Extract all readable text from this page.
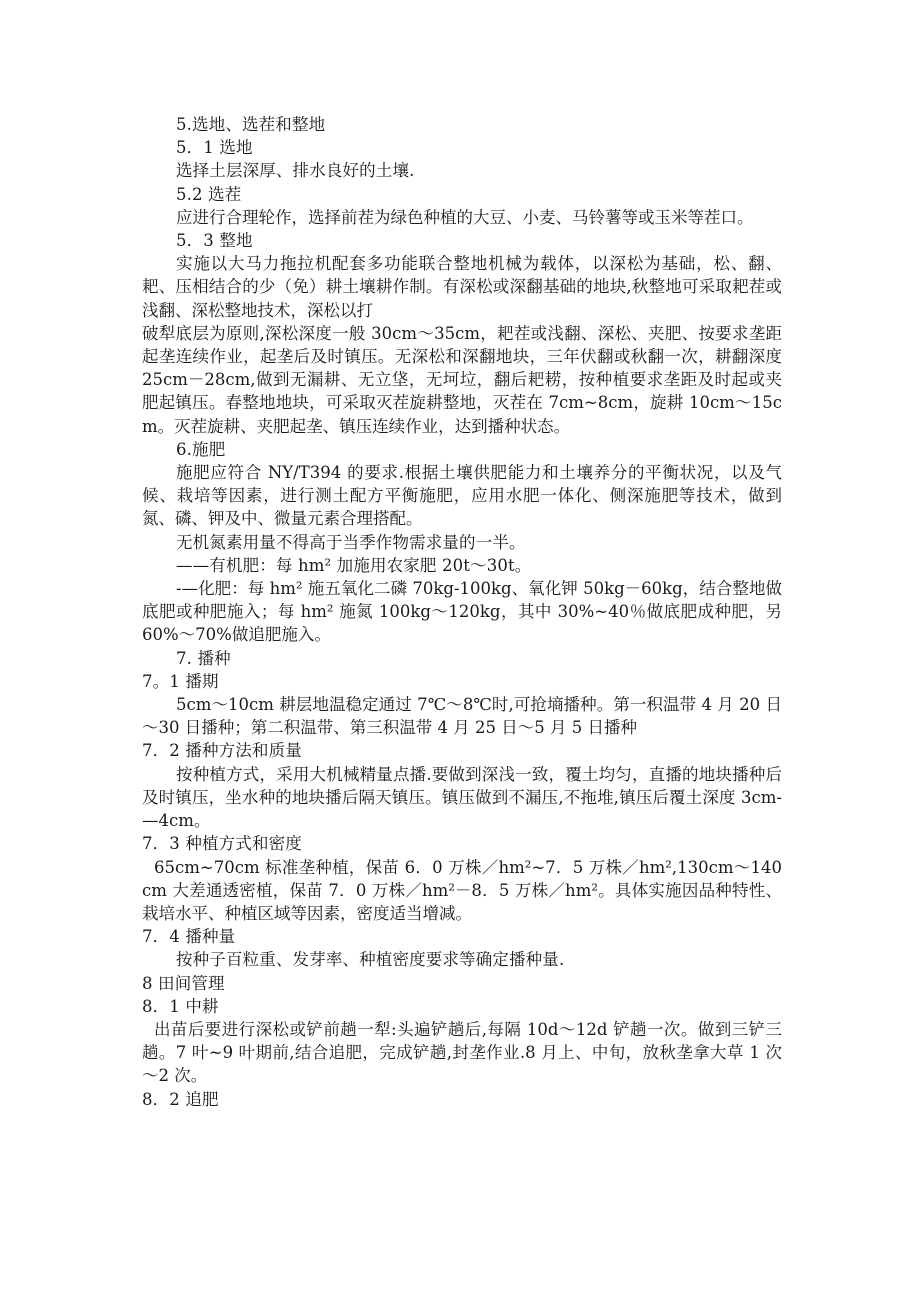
5.选地、选茬和整地
5．1 选地
选择土层深厚、排水良好的土壤.
5.2 选茬

应进行合理轮作，选择前茬为绿色种植的大豆、小麦、马铃薯等或玉米等茬口。

5．3 整地

实施以大马力拖拉机配套多功能联合整地机械为载体，以深松为基础，松、翻、耙、压相结合的少（免）耕土壤耕作制。有深松或深翻基础的地块,秋整地可采取耙茬或浅翻、深松整地技术，深松以打

破犁底层为原则,深松深度一般 30cm～35cm，耙茬或浅翻、深松、夹肥、按要求垄距起垄连续作业，起垄后及时镇压。无深松和深翻地块，三年伏翻或秋翻一次，耕翻深度 25cm－28cm,做到无漏耕、无立垡，无坷垃，翻后耙耢，按种植要求垄距及时起或夹肥起镇压。春整地地块，可采取灭茬旋耕整地，灭茬在 7cm~8cm，旋耕 10cm～15cm。灭茬旋耕、夹肥起垄、镇压连续作业，达到播种状态。

6.施肥

施肥应符合 NY/T394 的要求.根据土壤供肥能力和土壤养分的平衡状况，以及气候、栽培等因素，进行测土配方平衡施肥，应用水肥一体化、侧深施肥等技术，做到氮、磷、钾及中、微量元素合理搭配。

无机氮素用量不得高于当季作物需求量的一半。
——有机肥：每 hm² 加施用农家肥 20t～30t。

-—化肥：每 hm² 施五氧化二磷 70kg-100kg、氧化钾 50kg－60kg，结合整地做底肥或种肥施入；每 hm² 施氮 100kg～120kg，其中 30%~40％做底肥成种肥，另 60%～70%做追肥施入。

7. 播种
7。1 播期

5cm～10cm 耕层地温稳定通过 7℃～8℃时,可抢墒播种。第一积温带 4 月 20 日～30 日播种；第二积温带、第三积温带 4 月 25 日～5 月 5 日播种

7．2 播种方法和质量

按种植方式，采用大机械精量点播.要做到深浅一致，覆土均匀，直播的地块播种后及时镇压，坐水种的地块播后隔天镇压。镇压做到不漏压,不拖堆,镇压后覆土深度 3cm-—4cm。

7．3 种植方式和密度

65cm~70cm 标准垄种植，保苗 6．0 万株／hm²~7．5 万株／hm²,130cm～140cm 大差通透密植，保苗 7．0 万株／hm²－8．5 万株／hm²。具体实施因品种特性、栽培水平、种植区域等因素，密度适当增减。

7．4 播种量
按种子百粒重、发芽率、种植密度要求等确定播种量.
8 田间管理
8．1 中耕

出苗后要进行深松或铲前趟一犁:头遍铲趟后,每隔 10d～12d 铲趟一次。做到三铲三趟。7 叶~9 叶期前,结合追肥，完成铲趟,封垄作业.8 月上、中旬，放秋垄拿大草 1 次～2 次。

8．2 追肥
